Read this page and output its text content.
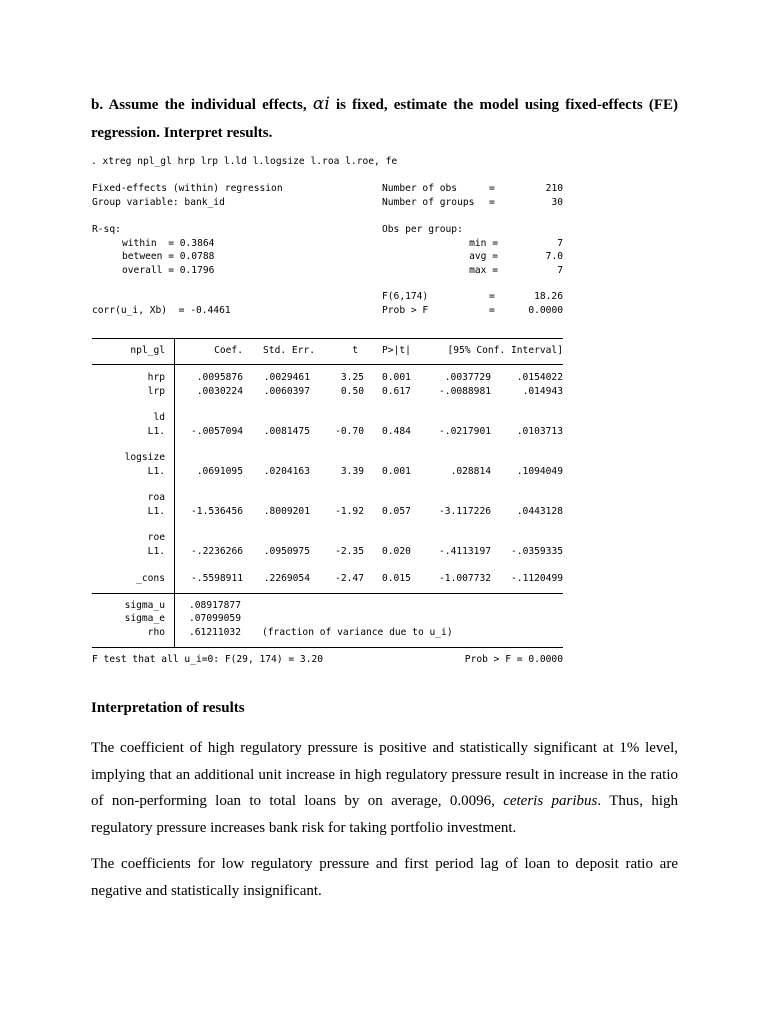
b. Assume the individual effects, αi is fixed, estimate the model using fixed-effects (FE) regression. Interpret results.
. xtreg npl_gl hrp lrp l.ld l.logsize l.roa l.roe, fe
Fixed-effects (within) regression
Group variable: bank_id
Number of obs	=	210
Number of groups =	30
R-sq:
within  = 0.3864
between = 0.0788
overall = 0.1796
Obs per group:
min =	7
avg =	7.0
max =	7
F(6,174)	=	18.26
Prob > F	=	0.0000
corr(u_i, Xb)  = -0.4461
npl_gl	Coef.	Std. Err.	t	P>|t|	[95% Conf. Interval]
hrp	.0095876	.0029461	3.25 0.001	.0037729	.0154022
lrp	.0030224	.0060397	0.50 0.617	-.0088981	.014943
ld
L1.	-.0057094	.0081475	-0.70 0.484	-.0217901	.0103713
logsize
L1.	.0691095	.0204163	3.39 0.001	.028814	.1094049
roa
L1.	-1.536456	.8009201	-1.92 0.057	-3.117226	.0443128
roe
L1.	-.2236266	.0950975	-2.35 0.020	-.4113197	-.0359335
_cons	-.5598911	.2269054	-2.47 0.015	-1.007732	-.1120499
sigma_u	.08917877
sigma_e	.07099059
rho	.61211032 (fraction of variance due to u_i)
F test that all u_i=0: F(29, 174) = 3.20	Prob > F = 0.0000
Interpretation of results
The coefficient of high regulatory pressure is positive and statistically significant at 1% level, implying that an additional unit increase in high regulatory pressure result in increase in the ratio of non-performing loan to total loans by on average, 0.0096, ceteris paribus. Thus, high regulatory pressure increases bank risk for taking portfolio investment.
The coefficients for low regulatory pressure and first period lag of loan to deposit ratio are negative and statistically insignificant.
